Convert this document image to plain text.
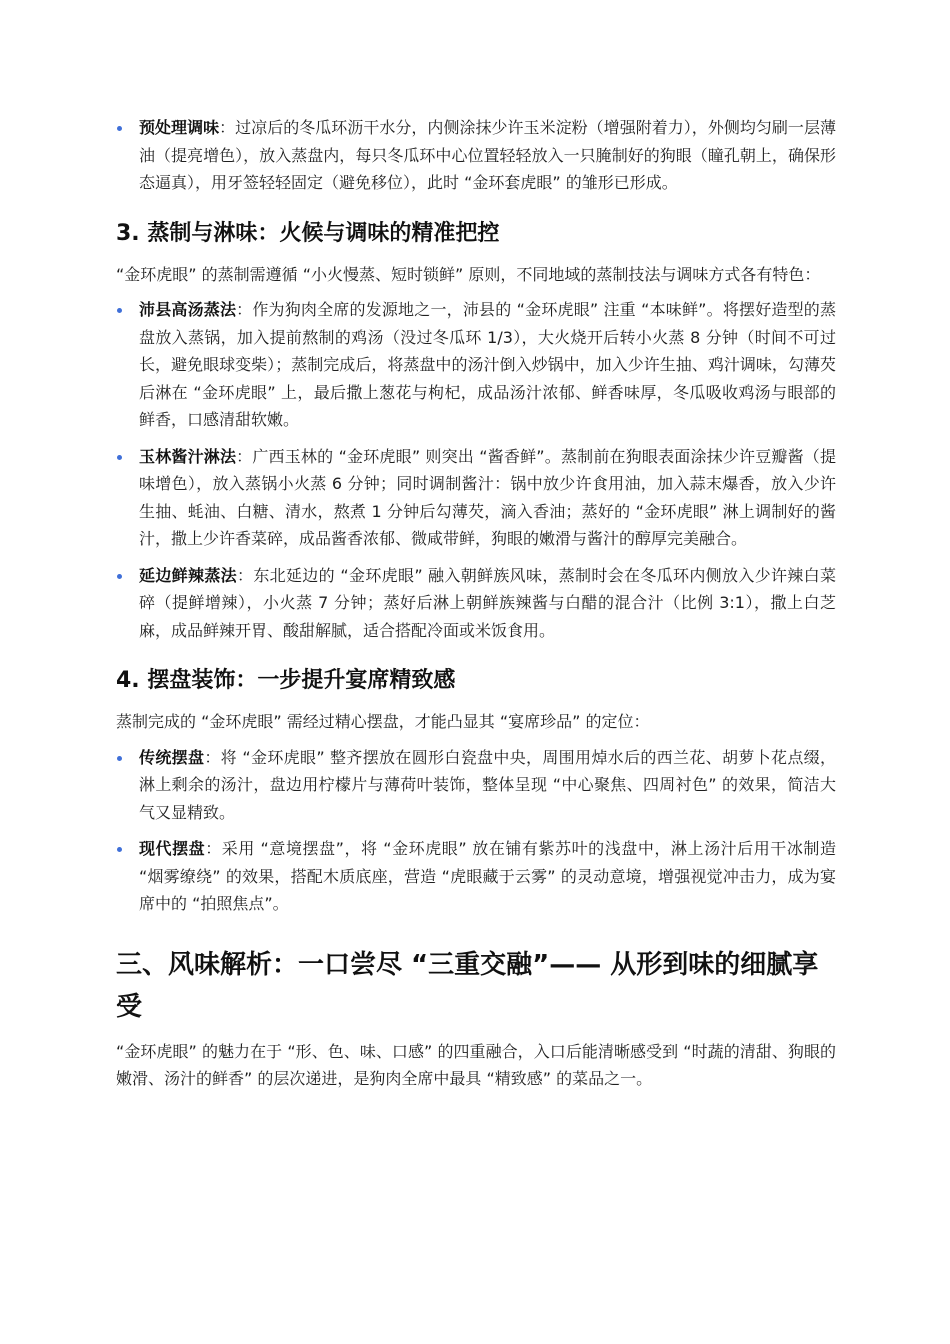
预处理调味：过凉后的冬瓜环沥干水分，内侧涂抹少许玉米淀粉（增强附着力），外侧均匀刷一层薄油（提亮增色），放入蒸盘内，每只冬瓜环中心位置轻轻放入一只腌制好的狗眼（瞳孔朝上，确保形态逼真），用牙签轻轻固定（避免移位），此时 “金环套虎眼” 的雏形已形成。
3. 蒸制与淋味：火候与调味的精准把控

“金环虎眼” 的蒸制需遵循 “小火慢蒸、短时锁鲜” 原则，不同地域的蒸制技法与调味方式各有特色：

沛县高汤蒸法：作为狗肉全席的发源地之一，沛县的 “金环虎眼” 注重 “本味鲜”。将摆好造型的蒸盘放入蒸锅，加入提前熬制的鸡汤（没过冬瓜环 1/3），大火烧开后转小火蒸 8 分钟（时间不可过长，避免眼球变柴）；蒸制完成后，将蒸盘中的汤汁倒入炒锅中，加入少许生抽、鸡汁调味，勾薄芡后淋在 “金环虎眼” 上，最后撒上葱花与枸杞，成品汤汁浓郁、鲜香味厚，冬瓜吸收鸡汤与眼部的鲜香，口感清甜软嫩。
玉林酱汁淋法：广西玉林的 “金环虎眼” 则突出 “酱香鲜”。蒸制前在狗眼表面涂抹少许豆瓣酱（提味增色），放入蒸锅小火蒸 6 分钟；同时调制酱汁：锅中放少许食用油，加入蒜末爆香，放入少许生抽、蚝油、白糖、清水，熬煮 1 分钟后勾薄芡，滴入香油；蒸好的 “金环虎眼” 淋上调制好的酱汁，撒上少许香菜碎，成品酱香浓郁、微咸带鲜，狗眼的嫩滑与酱汁的醇厚完美融合。
延边鲜辣蒸法：东北延边的 “金环虎眼” 融入朝鲜族风味，蒸制时会在冬瓜环内侧放入少许辣白菜碎（提鲜增辣），小火蒸 7 分钟；蒸好后淋上朝鲜族辣酱与白醋的混合汁（比例 3:1），撒上白芝麻，成品鲜辣开胃、酸甜解腻，适合搭配冷面或米饭食用。
4. 摆盘装饰：一步提升宴席精致感

蒸制完成的 “金环虎眼” 需经过精心摆盘，才能凸显其 “宴席珍品” 的定位：

传统摆盘：将 “金环虎眼” 整齐摆放在圆形白瓷盘中央，周围用焯水后的西兰花、胡萝卜花点缀，淋上剩余的汤汁，盘边用柠檬片与薄荷叶装饰，整体呈现 “中心聚焦、四周衬色” 的效果，简洁大气又显精致。
现代摆盘：采用 “意境摆盘”，将 “金环虎眼” 放在铺有紫苏叶的浅盘中，淋上汤汁后用干冰制造 “烟雾缭绕” 的效果，搭配木质底座，营造 “虎眼藏于云雾” 的灵动意境，增强视觉冲击力，成为宴席中的 “拍照焦点”。
三、风味解析：一口尝尽 “三重交融”—— 从形到味的细腻享受

“金环虎眼” 的魅力在于 “形、色、味、口感” 的四重融合，入口后能清晰感受到 “时蔬的清甜、狗眼的嫩滑、汤汁的鲜香” 的层次递进，是狗肉全席中最具 “精致感” 的菜品之一。
